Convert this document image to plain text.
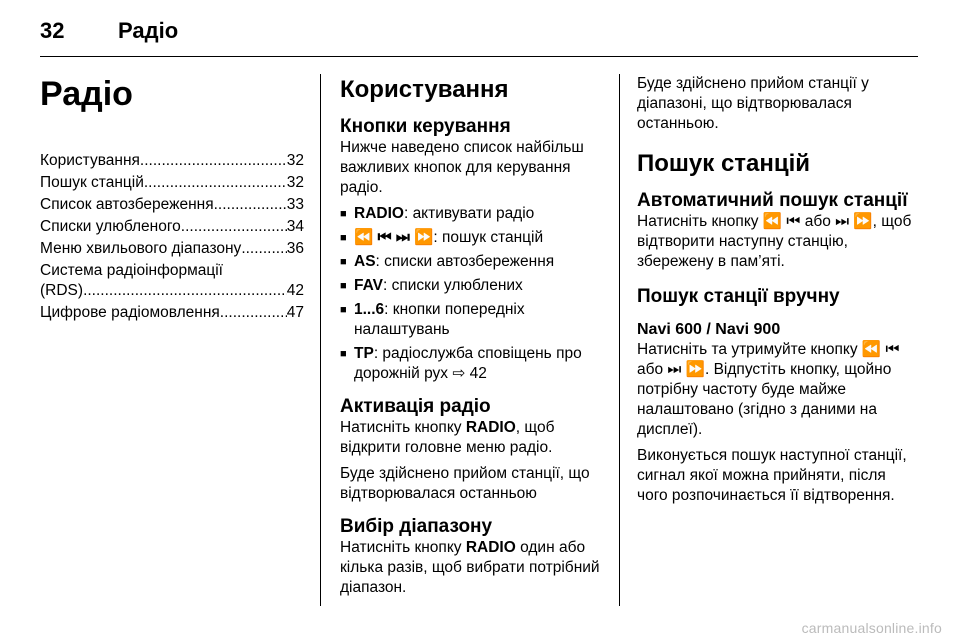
32 Радіо
Радіо
Користування .....	32
Пошук станцій .....	32
Список автозбереження .....	33
Списки улюбленого .....	34
Меню хвильового діапазону .....	36
Система радіоінформації
(RDS) .....	42
Цифрове радіомовлення .....	47
Користування
Кнопки керування

Нижче наведено список найбільш важливих кнопок для керування радіо.

■ RADIO: активувати радіо
■ ⏪ ⏮ ⏭ ⏩: пошук станцій
■ AS: списки автозбереження
■ FAV: списки улюблених
■ 1...6: кнопки попередніх налаштувань
■ TP: радіослужба сповіщень про дорожній рух ⇨ 42
Активація радіо

Натисніть кнопку RADIO, щоб відкрити головне меню радіо.

Буде здійснено прийом станції, що відтворювалася останньою

Вибір діапазону

Натисніть кнопку RADIO один або кілька разів, щоб вибрати потрібний діапазон.

Буде здійснено прийом станції у діапазоні, що відтворювалася останньою.

Пошук станцій
Автоматичний пошук станції

Натисніть кнопку ⏪ ⏮ або ⏭ ⏩, щоб відтворити наступну станцію, збережену в пам’яті.

Пошук станції вручну
Navi 600 / Navi 900

Натисніть та утримуйте кнопку ⏪ ⏮ або ⏭ ⏩. Відпустіть кнопку, щойно потрібну частоту буде майже налаштовано (згідно з даними на дисплеї).

Виконується пошук наступної станції, сигнал якої можна прийняти, після чого розпочинається її відтворення.

carmanualsonline.info
